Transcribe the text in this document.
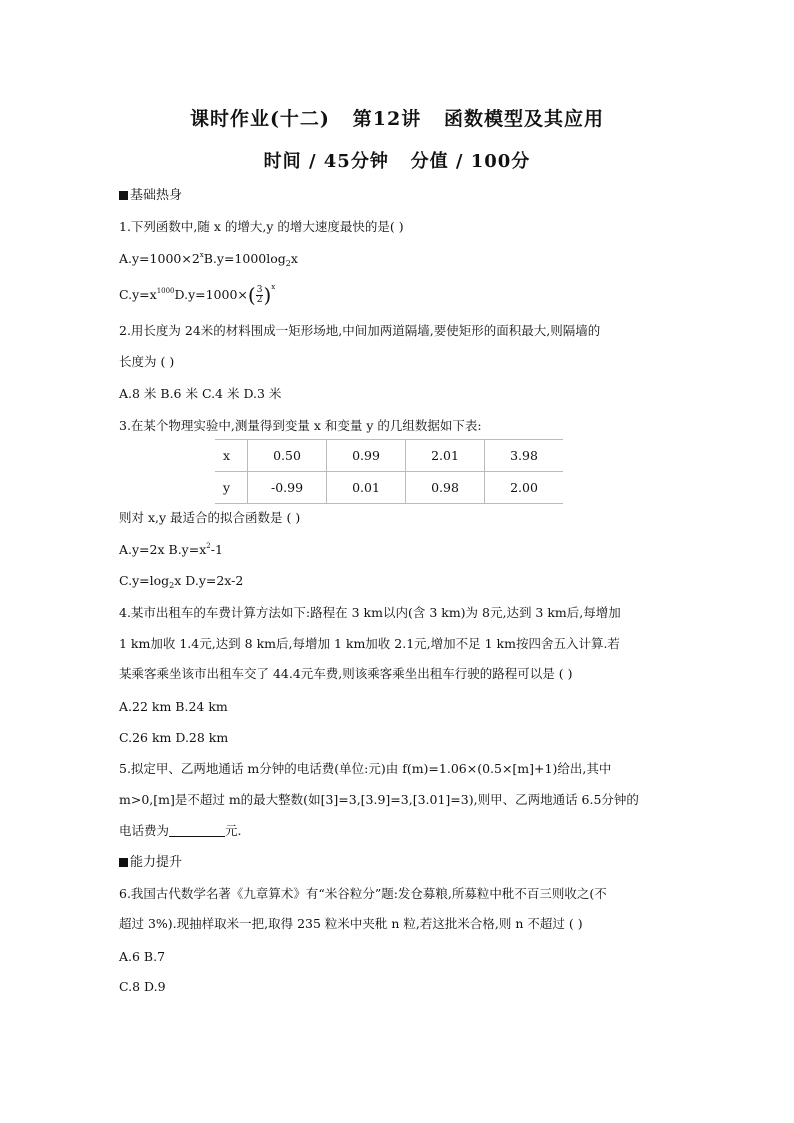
课时作业(十二)   第12讲   函数模型及其应用
时间 / 45分钟   分值 / 100分
基础热身
1.下列函数中,随 x 的增大,y 的增大速度最快的是( )
$A.y=1000\times 2^xB.y=1000\log_2x$
$C.y=x^{1000}D.y=1000\times( \frac{3}{2} )^x$
2.用长度为 24米的材料围成一矩形场地,中间加两道隔墙,要使矩形的面积最大,则隔墙的
长度为 ( )
A.8 米 B.6 米 C.4 米 D.3 米
3.在某个物理实验中,测量得到变量 x 和变量 y 的几组数据如下表:
x	0.50	0.99	2.01	3.98
y	-0.99	0.01	0.98	2.00
则对 x,y 最适合的拟合函数是 ( )
A.y=2x $B.y=x^2-1$
$C.y=\log_2x$ D.y=2x-2
4.某市出租车的车费计算方法如下:路程在 3 km以内(含 3 km)为 8元,达到 3 km后,每增加
1 km加收 1.4元,达到 8 km后,每增加 1 km加收 2.1元,增加不足 1 km按四舍五入计算.若
某乘客乘坐该市出租车交了 44.4元车费,则该乘客乘坐出租车行驶的路程可以是 ( )
A.22 km B.24 km
C.26 km D.28 km
5.拟定甲、乙两地通话 m分钟的电话费(单位:元)由 f(m)=1.06×(0.5×[m]+1)给出,其中
m>0,[m]是不超过 m的最大整数(如[3]=3,[3.9]=3,[3.01]=3),则甲、乙两地通话 6.5分钟的
电话费为	元.
能力提升
6.我国古代数学名著《九章算术》有“米谷粒分”题:发仓募粮,所募粒中秕不百三则收之(不
超过 3%).现抽样取米一把,取得 235 粒米中夹秕 n 粒,若这批米合格,则 n 不超过 ( )
A.6 B.7
C.8 D.9
